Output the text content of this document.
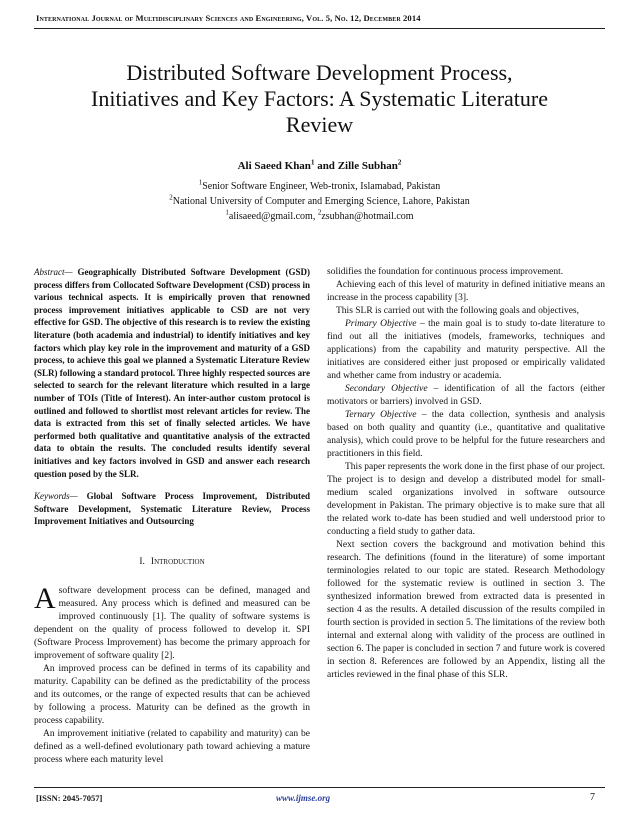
International Journal of Multidisciplinary Sciences and Engineering, Vol. 5, No. 12, December 2014
Distributed Software Development Process,
Initiatives and Key Factors: A Systematic Literature
Review
Ali Saeed Khan$^1$ and Zille Subhan$^2$
$^1$Senior Software Engineer, Web-tronix, Islamabad, Pakistan
$^2$National University of Computer and Emerging Science, Lahore, Pakistan
$^1$alisaeed@gmail.com, $^2$zsubhan@hotmail.com

Abstract— Geographically Distributed Software Development (GSD) process differs from Collocated Software Development (CSD) process in various technical aspects. It is empirically proven that renowned process improvement initiatives applicable to CSD are not very effective for GSD. The objective of this research is to review the existing literature (both academia and industrial) to identify initiatives and key factors which play key role in the improvement and maturity of a GSD process, to achieve this goal we planned a Systematic Literature Review (SLR) following a standard protocol. Three highly respected sources are selected to search for the relevant literature which resulted in a large number of TOIs (Title of Interest). An inter-author custom protocol is outlined and followed to shortlist most relevant articles for review. The data is extracted from this set of finally selected articles. We have performed both qualitative and quantitative analysis of the extracted data to obtain the results. The concluded results identify several initiatives and key factors involved in GSD and answer each research question posed by the SLR.

Keywords— Global Software Process Improvement, Distributed Software Development, Systematic Literature Review, Process Improvement Initiatives and Outsourcing

I. Introduction

Asoftware development process can be defined, managed and measured. Any process which is defined and measured can be improved continuously [1]. The quality of software systems is dependent on the quality of process followed to develop it. SPI (Software Process Improvement) has become the primary approach for improvement of software quality [2].

An improved process can be defined in terms of its capability and maturity. Capability can be defined as the predictability of the process and its outcomes, or the range of expected results that can be achieved by following a process. Maturity can be defined as the growth in process capability.

An improvement initiative (related to capability and maturity) can be defined as a well-defined evolutionary path toward achieving a mature process where each maturity level

solidifies the foundation for continuous process improvement.

Achieving each of this level of maturity in defined initiative means an increase in the process capability [3].

This SLR is carried out with the following goals and objectives,

Primary Objective – the main goal is to study to-date literature to find out all the initiatives (models, frameworks, techniques and applications) from the capability and maturity perspective. All the initiatives are considered either just proposed or empirically validated and whether came from industry or academia.

Secondary Objective – identification of all the factors (either motivators or barriers) involved in GSD.

Ternary Objective – the data collection, synthesis and analysis based on both quality and quantity (i.e., quantitative and qualitative analysis), which could prove to be helpful for the future researchers and practitioners in this field.

This paper represents the work done in the first phase of our project. The project is to design and develop a distributed model for small-medium scaled organizations involved in software outsource development in Pakistan. The primary objective is to make sure that all the related work to-date has been studied and well understood prior to conducting a field study to gather data.

Next section covers the background and motivation behind this research. The definitions (found in the literature) of some important terminologies related to our topic are stated. Research Methodology followed for the systematic review is outlined in section 3. The synthesized information brewed from extracted data is presented in section 4 as the results. A detailed discussion of the results compiled in fourth section is provided in section 5. The limitations of the review both internal and external along with validity of the process are outlined in section 6. The paper is concluded in section 7 and future work is covered in section 8. References are followed by an Appendix, listing all the articles reviewed in the final phase of this SLR.

[ISSN: 2045-7057]	www.ijmse.org	7
